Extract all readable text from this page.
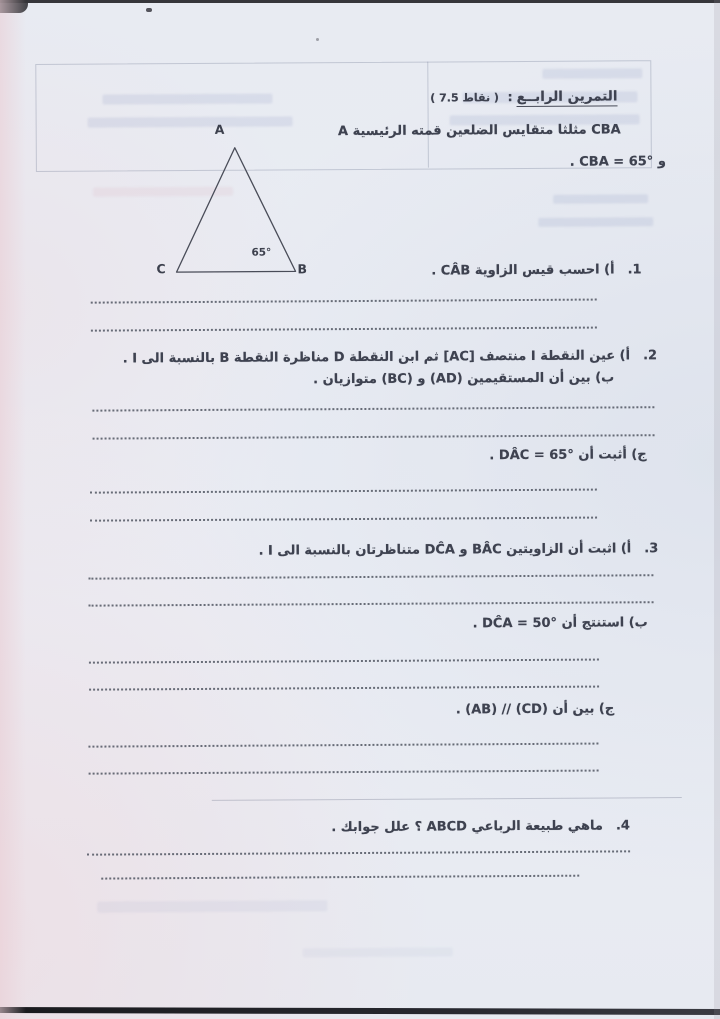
التمرين الرابــع: ( 7.5 نقاط )
CBA مثلثا متقايس الضلعين قمته الرئيسية A
و ‪CBA = 65°‬ .
A
C	B
65°
1.أ) احسب قيس الزاوية ‪CÂB‬ .
2.أ) عين النقطة I منتصف ‪[AC]‬ ثم ابن النقطة D مناظرة النقطة B بالنسبة الى I .
ب) بين أن المستقيمين ‪(AD)‬ و ‪(BC)‬ متوازيان .
ج) أثبت أن ‪DÂC = 65°‬ .
3.أ) اثبت أن الزاويتين ‪BÂC‬ و ‪DĈA‬ متناظرتان بالنسبة الى I .
ب) استنتج أن ‪DĈA = 50°‬ .
ج) بين أن ‪(AB) // (CD)‬ .
4.ماهي طبيعة الرباعي ABCD ؟ علل جوابك .
